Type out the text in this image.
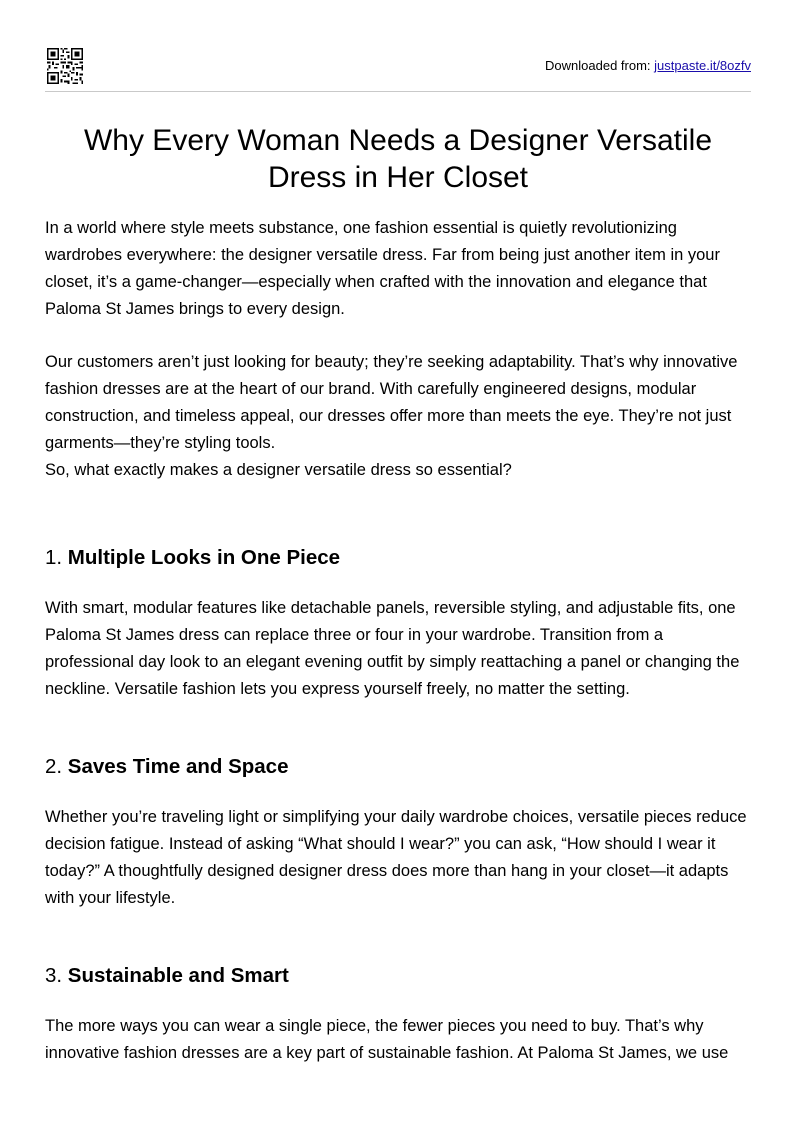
Downloaded from: justpaste.it/8ozfv
Why Every Woman Needs a Designer Versatile Dress in Her Closet

In a world where style meets substance, one fashion essential is quietly revolutionizing wardrobes everywhere: the designer versatile dress. Far from being just another item in your closet, it’s a game-changer—especially when crafted with the innovation and elegance that Paloma St James brings to every design.

Our customers aren’t just looking for beauty; they’re seeking adaptability. That’s why innovative fashion dresses are at the heart of our brand. With carefully engineered designs, modular construction, and timeless appeal, our dresses offer more than meets the eye. They’re not just garments—they’re styling tools.

So, what exactly makes a designer versatile dress so essential?

1. Multiple Looks in One Piece

With smart, modular features like detachable panels, reversible styling, and adjustable fits, one Paloma St James dress can replace three or four in your wardrobe. Transition from a professional day look to an elegant evening outfit by simply reattaching a panel or changing the neckline. Versatile fashion lets you express yourself freely, no matter the setting.

2. Saves Time and Space

Whether you’re traveling light or simplifying your daily wardrobe choices, versatile pieces reduce decision fatigue. Instead of asking “What should I wear?” you can ask, “How should I wear it today?” A thoughtfully designed designer dress does more than hang in your closet—it adapts with your lifestyle.

3. Sustainable and Smart

The more ways you can wear a single piece, the fewer pieces you need to buy. That’s why innovative fashion dresses are a key part of sustainable fashion. At Paloma St James, we use
